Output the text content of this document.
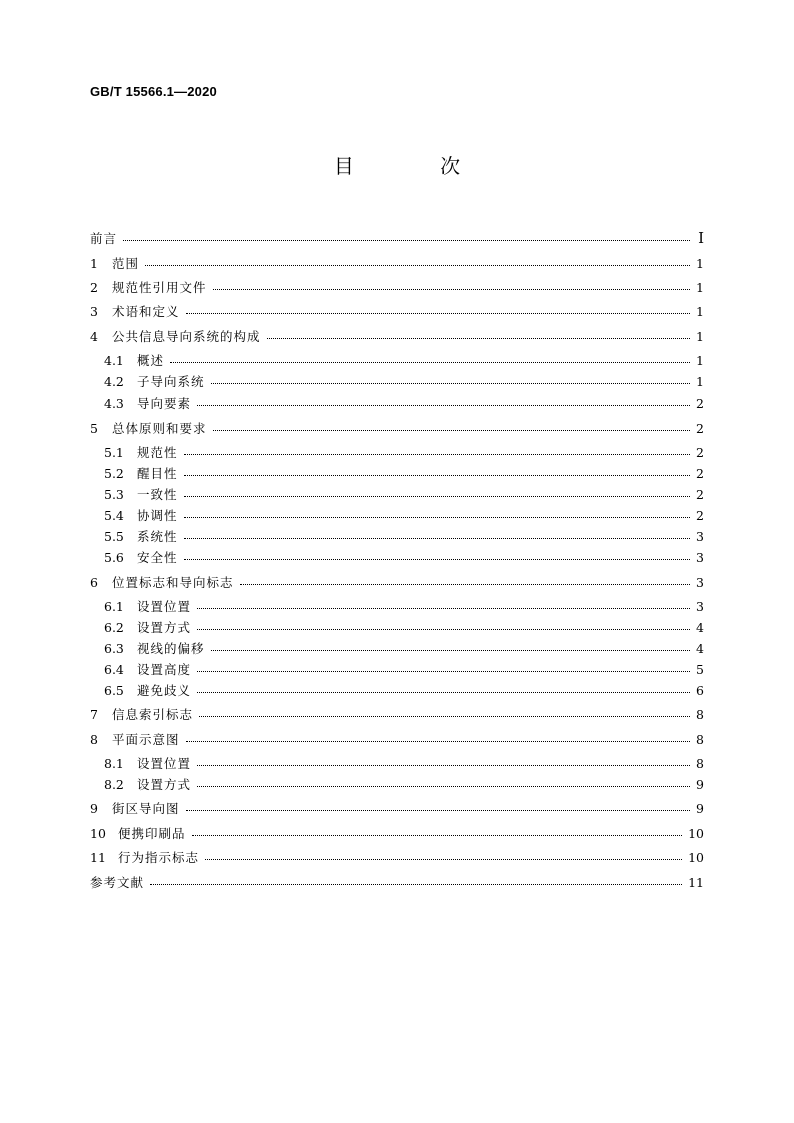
GB/T 15566.1—2020
目 次
前言	I
1	范围	1
2	规范性引用文件	1
3	术语和定义	1
4	公共信息导向系统的构成	1
4.1	概述	1
4.2	子导向系统	1
4.3	导向要素	2
5	总体原则和要求	2
5.1	规范性	2
5.2	醒目性	2
5.3	一致性	2
5.4	协调性	2
5.5	系统性	3
5.6	安全性	3
6	位置标志和导向标志	3
6.1	设置位置	3
6.2	设置方式	4
6.3	视线的偏移	4
6.4	设置高度	5
6.5	避免歧义	6
7	信息索引标志	8
8	平面示意图	8
8.1	设置位置	8
8.2	设置方式	9
9	街区导向图	9
10 便携印刷品	10
11 行为指示标志	10
参考文献	11
